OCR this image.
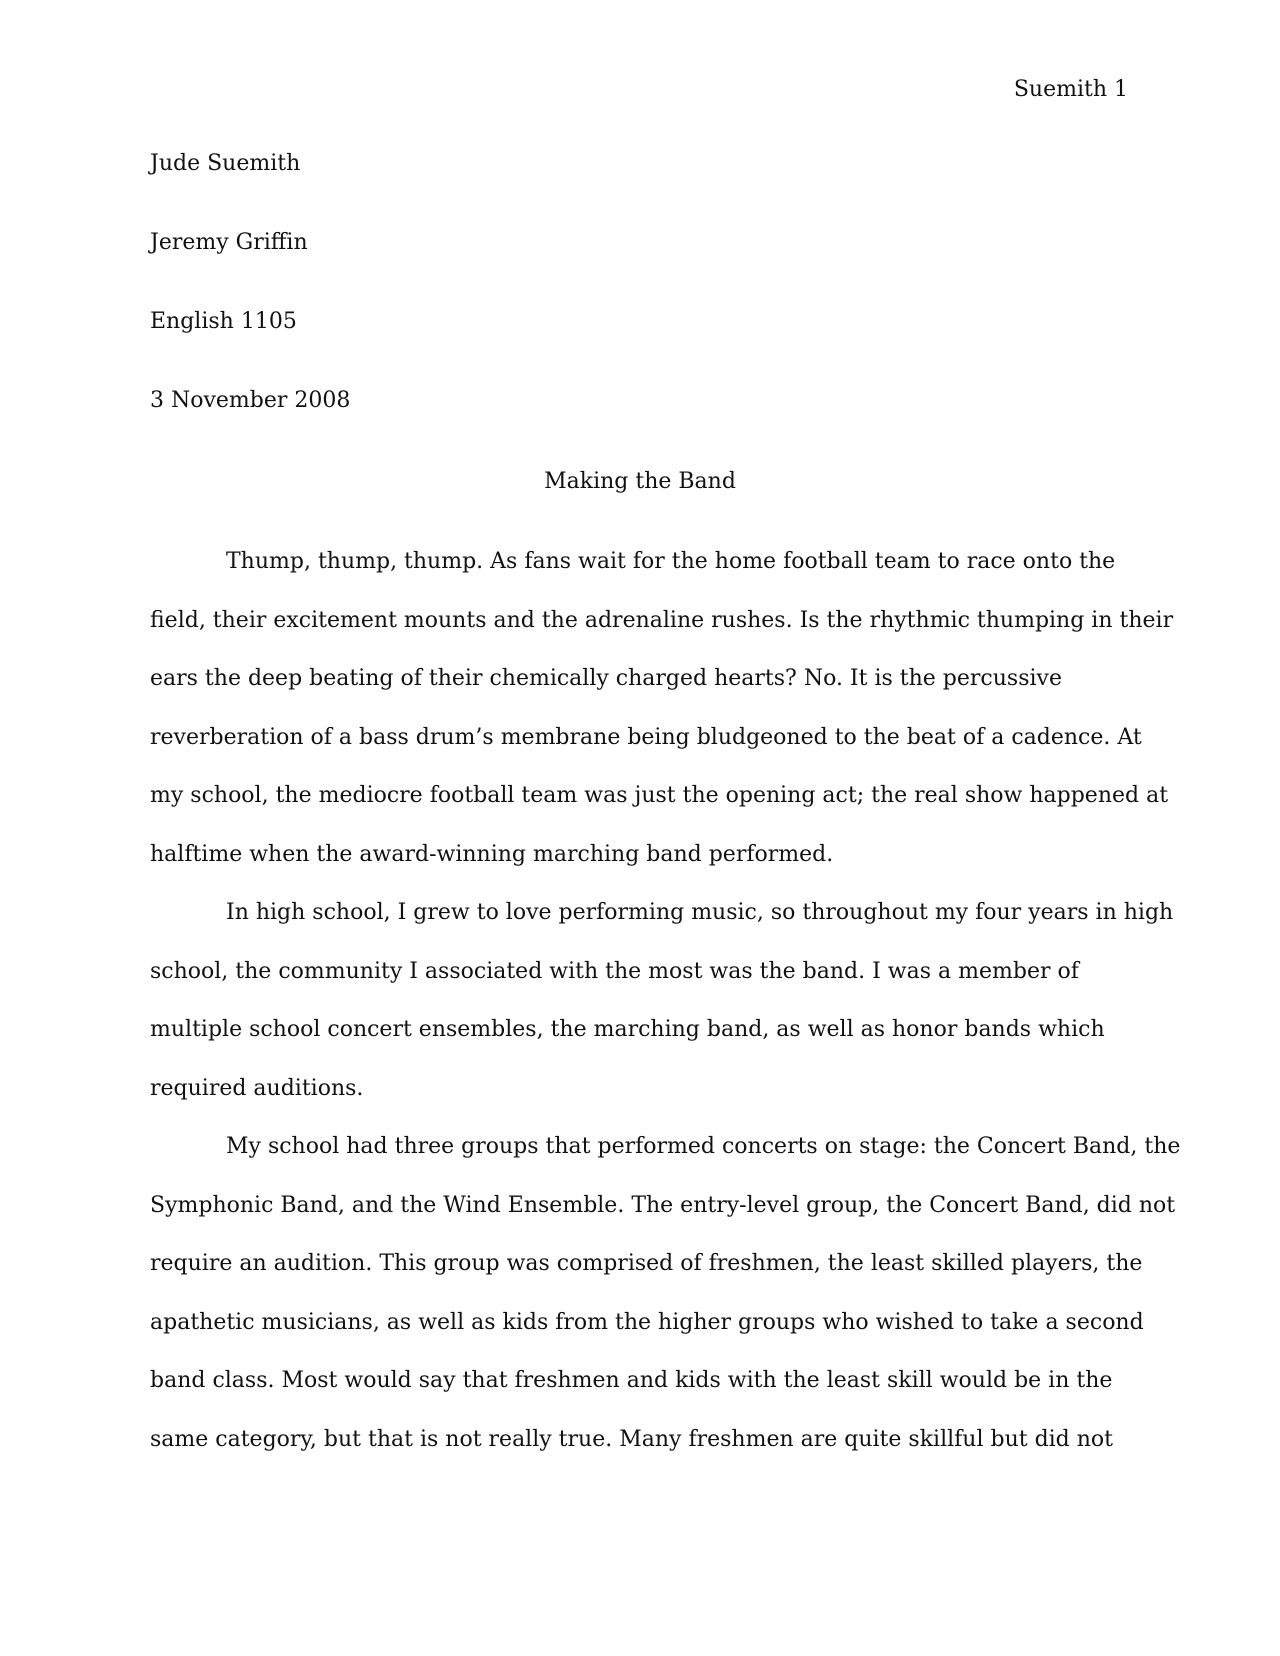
Suemith 1
Jude Suemith
Jeremy Griffin
English 1105
3 November 2008
Making the Band
Thump, thump, thump. As fans wait for the home football team to race onto the
field, their excitement mounts and the adrenaline rushes. Is the rhythmic thumping in their
ears the deep beating of their chemically charged hearts? No. It is the percussive
reverberation of a bass drum’s membrane being bludgeoned to the beat of a cadence. At
my school, the mediocre football team was just the opening act; the real show happened at
halftime when the award-winning marching band performed.
In high school, I grew to love performing music, so throughout my four years in high
school, the community I associated with the most was the band. I was a member of
multiple school concert ensembles, the marching band, as well as honor bands which
required auditions.
My school had three groups that performed concerts on stage: the Concert Band, the
Symphonic Band, and the Wind Ensemble. The entry-level group, the Concert Band, did not
require an audition. This group was comprised of freshmen, the least skilled players, the
apathetic musicians, as well as kids from the higher groups who wished to take a second
band class. Most would say that freshmen and kids with the least skill would be in the
same category, but that is not really true. Many freshmen are quite skillful but did not
